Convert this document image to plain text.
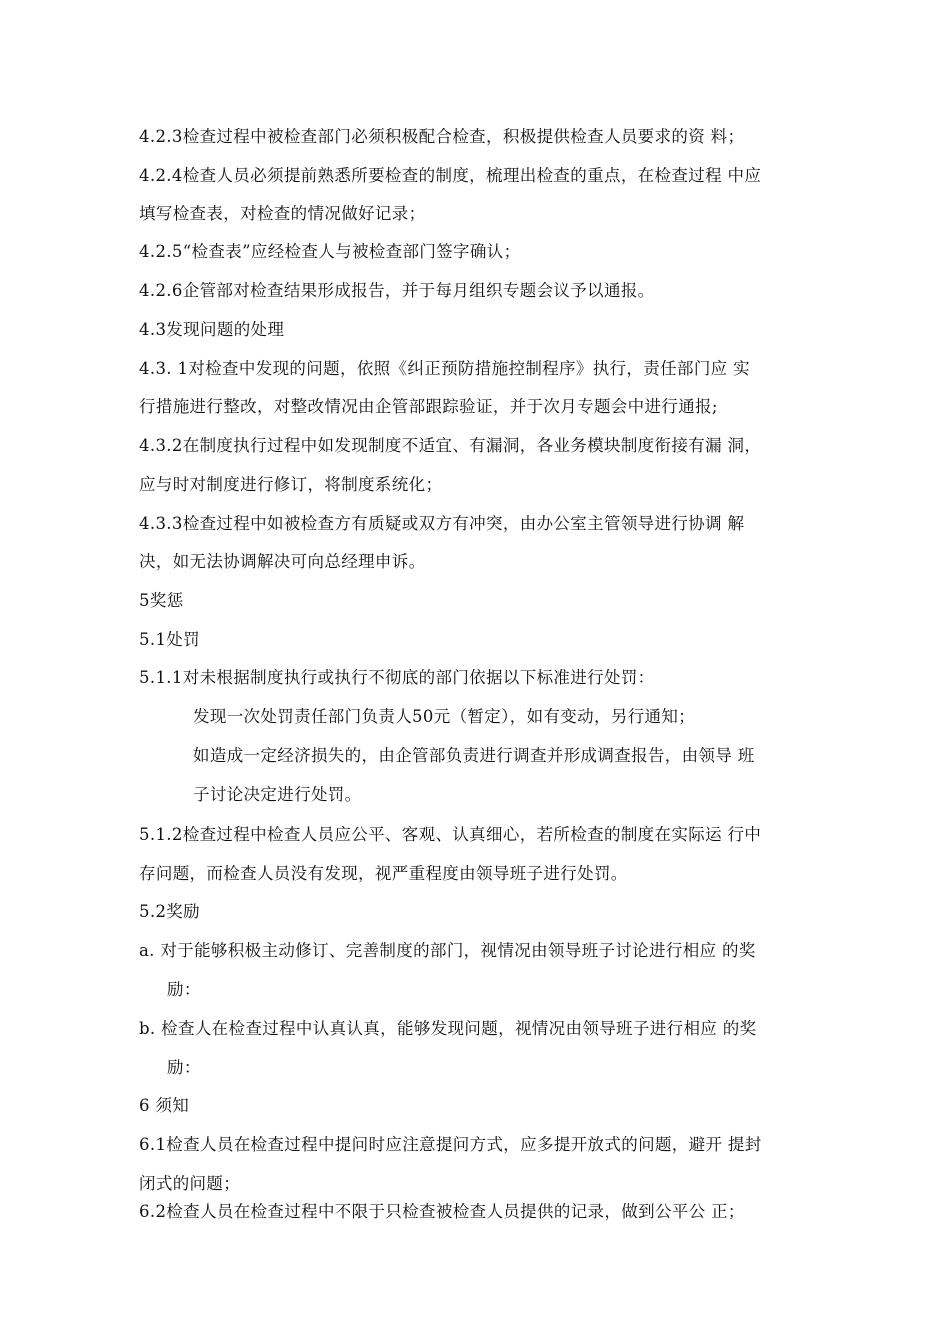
4.2.3检查过程中被检查部门必须积极配合检查，积极提供检查人员要求的资 料；
4.2.4检查人员必须提前熟悉所要检查的制度，梳理出检查的重点，在检查过程 中应
填写检查表，对检查的情况做好记录；
4.2.5“检查表”应经检查人与被检查部门签字确认；
4.2.6企管部对检查结果形成报告，并于每月组织专题会议予以通报。
4.3发现问题的处理
4.3. 1对检查中发现的问题，依照《纠正预防措施控制程序》执行，责任部门应 实
行措施进行整改，对整改情况由企管部跟踪验证，并于次月专题会中进行通报;
4.3.2在制度执行过程中如发现制度不适宜、有漏洞，各业务模块制度衔接有漏 洞，
应与时对制度进行修订，将制度系统化；
4.3.3检查过程中如被检查方有质疑或双方有冲突，由办公室主管领导进行协调 解
决，如无法协调解决可向总经理申诉。
5奖惩
5.1处罚
5.1.1对未根据制度执行或执行不彻底的部门依据以下标准进行处罚：
发现一次处罚责任部门负责人50元（暂定），如有变动，另行通知；
如造成一定经济损失的，由企管部负责进行调查并形成调查报告，由领导 班
子讨论决定进行处罚。
5.1.2检查过程中检查人员应公平、客观、认真细心，若所检查的制度在实际运 行中
存问题，而检查人员没有发现，视严重程度由领导班子进行处罚。
5.2奖励
a. 对于能够积极主动修订、完善制度的部门，视情况由领导班子讨论进行相应 的奖
励：
b. 检查人在检查过程中认真认真，能够发现问题，视情况由领导班子进行相应 的奖
励：
6 须知
6.1检查人员在检查过程中提问时应注意提问方式，应多提开放式的问题，避开 提封
闭式的问题；
6.2检查人员在检查过程中不限于只检查被检查人员提供的记录，做到公平公 正；
